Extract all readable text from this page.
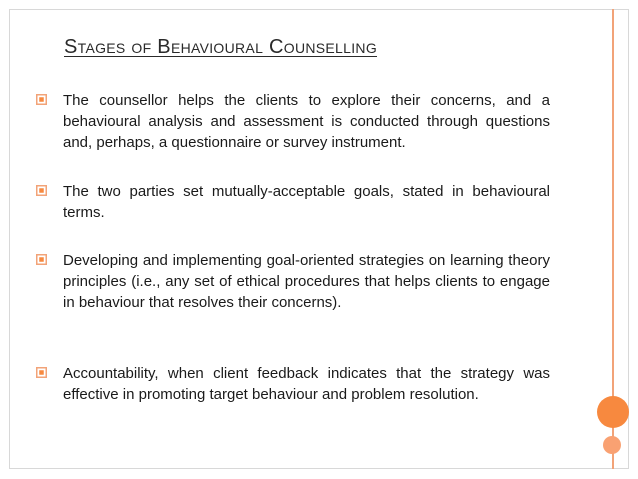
Stages of Behavioural Counselling

The counsellor helps the clients to explore their concerns, and a behavioural analysis and assessment is conducted through questions and, perhaps, a questionnaire or survey instrument.

The two parties set mutually-acceptable goals, stated in behavioural terms.

Developing and implementing goal-oriented strategies on learning theory principles (i.e., any set of ethical procedures that helps clients to engage in behaviour that resolves their concerns).

Accountability, when client feedback indicates that the strategy was effective in promoting target behaviour and problem resolution.
